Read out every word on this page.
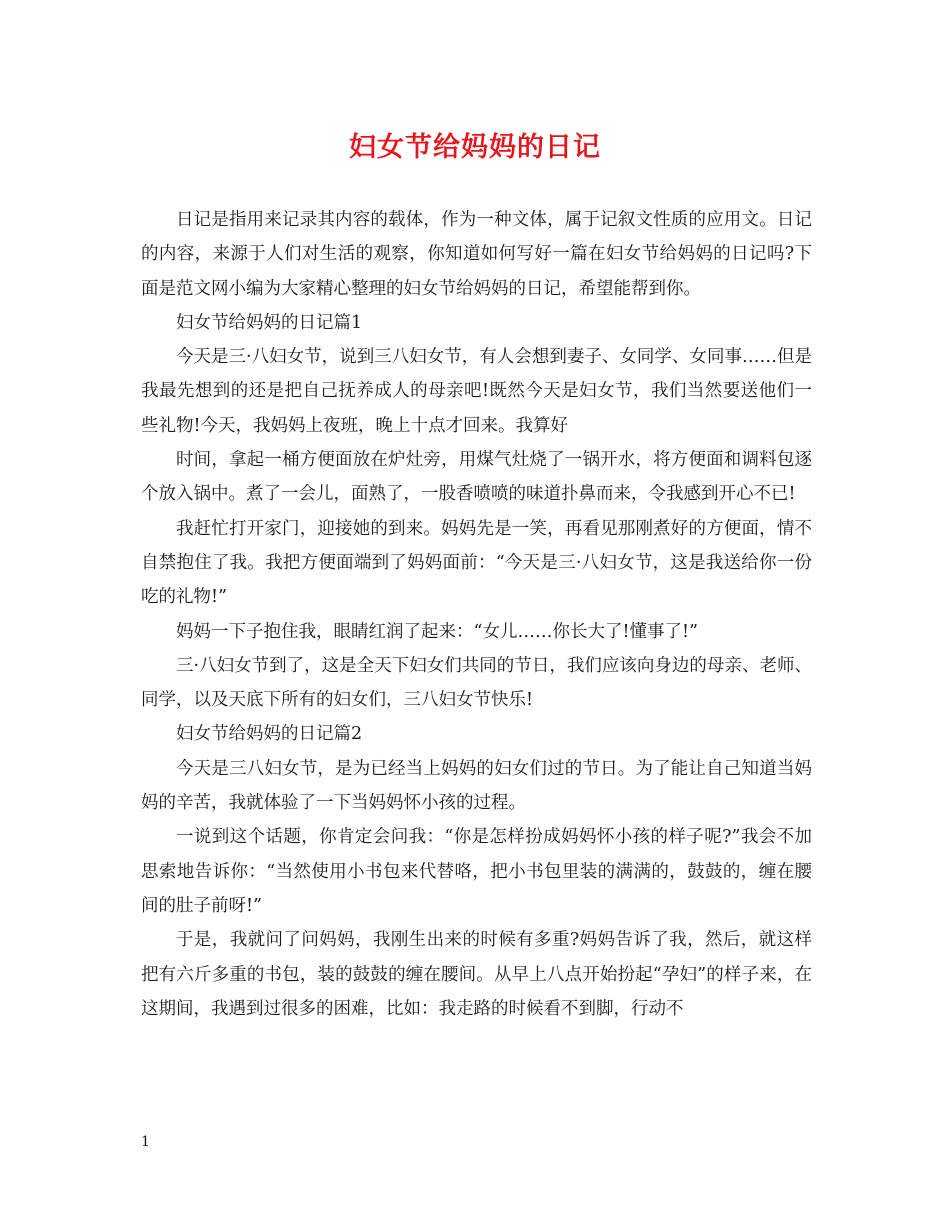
妇女节给妈妈的日记

日记是指用来记录其内容的载体，作为一种文体，属于记叙文性质的应用文。日记的内容，来源于人们对生活的观察，你知道如何写好一篇在妇女节给妈妈的日记吗?下面是范文网小编为大家精心整理的妇女节给妈妈的日记，希望能帮到你。

妇女节给妈妈的日记篇1

今天是三·八妇女节，说到三八妇女节，有人会想到妻子、女同学、女同事……但是我最先想到的还是把自己抚养成人的母亲吧!既然今天是妇女节，我们当然要送他们一些礼物!今天，我妈妈上夜班，晚上十点才回来。我算好

时间，拿起一桶方便面放在炉灶旁，用煤气灶烧了一锅开水，将方便面和调料包逐个放入锅中。煮了一会儿，面熟了，一股香喷喷的味道扑鼻而来，令我感到开心不已!

我赶忙打开家门，迎接她的到来。妈妈先是一笑，再看见那刚煮好的方便面，情不自禁抱住了我。我把方便面端到了妈妈面前：“今天是三·八妇女节，这是我送给你一份吃的礼物!”

妈妈一下子抱住我，眼睛红润了起来：“女儿……你长大了!懂事了!”

三·八妇女节到了，这是全天下妇女们共同的节日，我们应该向身边的母亲、老师、同学，以及天底下所有的妇女们，三八妇女节快乐!

妇女节给妈妈的日记篇2

今天是三八妇女节，是为已经当上妈妈的妇女们过的节日。为了能让自己知道当妈妈的辛苦，我就体验了一下当妈妈怀小孩的过程。

一说到这个话题，你肯定会问我：“你是怎样扮成妈妈怀小孩的样子呢?”我会不加思索地告诉你：“当然使用小书包来代替咯，把小书包里装的满满的，鼓鼓的，缠在腰间的肚子前呀!”

于是，我就问了问妈妈，我刚生出来的时候有多重?妈妈告诉了我，然后，就这样把有六斤多重的书包，装的鼓鼓的缠在腰间。从早上八点开始扮起“孕妇”的样子来，在这期间，我遇到过很多的困难，比如：我走路的时候看不到脚，行动不

1
